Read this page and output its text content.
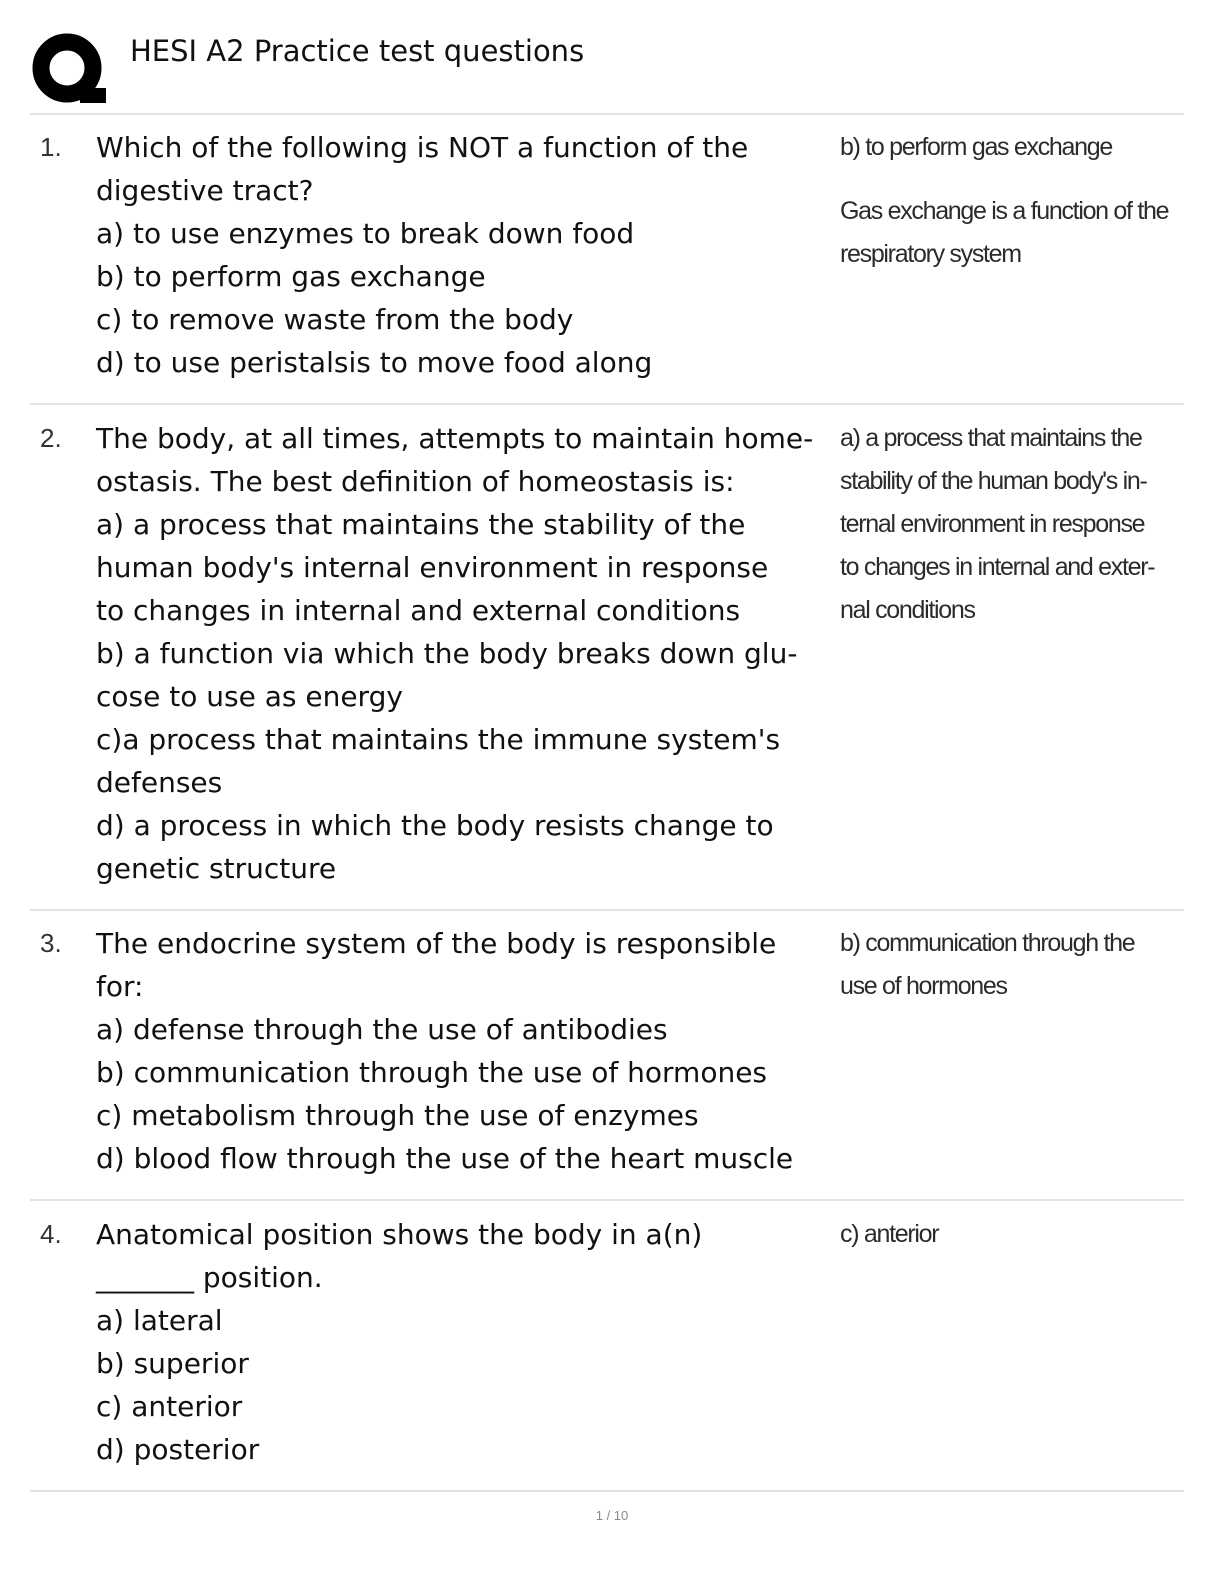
HESI A2 Practice test questions
1. Which of the following is NOT a function of the
digestive tract?
a) to use enzymes to break down food
b) to perform gas exchange
c) to remove waste from the body
d) to use peristalsis to move food along
b) to perform gas exchange
Gas exchange is a function of the
respiratory system
2. The body, at all times, attempts to maintain home-
ostasis. The best definition of homeostasis is:
a) a process that maintains the stability of the
human body's internal environment in response
to changes in internal and external conditions
b) a function via which the body breaks down glu-
cose to use as energy
c)a process that maintains the immune system's
defenses
d) a process in which the body resists change to
genetic structure
a) a process that maintains the
stability of the human body's in-
ternal environment in response
to changes in internal and exter-
nal conditions
3. The endocrine system of the body is responsible
for:
a) defense through the use of antibodies
b) communication through the use of hormones
c) metabolism through the use of enzymes
d) blood flow through the use of the heart muscle
b) communication through the
use of hormones
4. Anatomical position shows the body in a(n)
_______ position.
a) lateral
b) superior
c) anterior
d) posterior
c) anterior
1 / 10
